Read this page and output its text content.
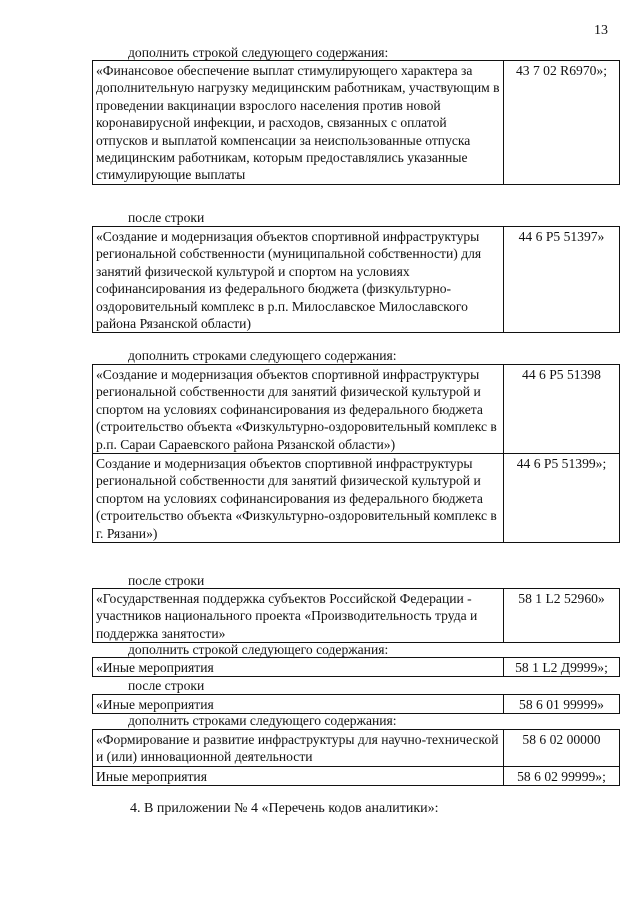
13
дополнить строкой следующего содержания:
«Финансовое обеспечение выплат стимулирующего характера за дополнительную нагрузку медицинским работникам, участвующим в проведении вакцинации взрослого населения против новой коронавирусной инфекции, и расходов, связанных с оплатой отпусков и выплатой компенсации за неиспользованные отпуска медицинским работникам, которым предоставлялись указанные стимулирующие выплаты	43 7 02 R6970»;
после строки
«Создание и модернизация объектов спортивной инфраструктуры региональной собственности (муниципальной собственности) для занятий физической культурой и спортом на условиях софинансирования из федерального бюджета (физкультурно-оздоровительный комплекс в р.п. Милославское Милославского района Рязанской области)	44 6 P5 51397»
дополнить строками следующего содержания:
«Создание и модернизация объектов спортивной инфраструктуры региональной собственности для занятий физической культурой и спортом на условиях софинансирования из федерального бюджета (строительство объекта «Физкультурно-оздоровительный комплекс в р.п. Сараи Сараевского района Рязанской области»)	44 6 P5 51398
Создание и модернизация объектов спортивной инфраструктуры региональной собственности для занятий физической культурой и спортом на условиях софинансирования из федерального бюджета (строительство объекта «Физкультурно-оздоровительный комплекс в г. Рязани»)	44 6 P5 51399»;
после строки
«Государственная поддержка субъектов Российской Федерации - участников национального проекта «Производительность труда и поддержка занятости»	58 1 L2 52960»
дополнить строкой следующего содержания:
«Иные мероприятия	58 1 L2 Д9999»;
после строки
«Иные мероприятия	58 6 01 99999»
дополнить строками следующего содержания:
«Формирование и развитие инфраструктуры для научно-технической и (или) инновационной деятельности	58 6 02 00000
Иные мероприятия	58 6 02 99999»;
4. В приложении № 4 «Перечень кодов аналитики»:
